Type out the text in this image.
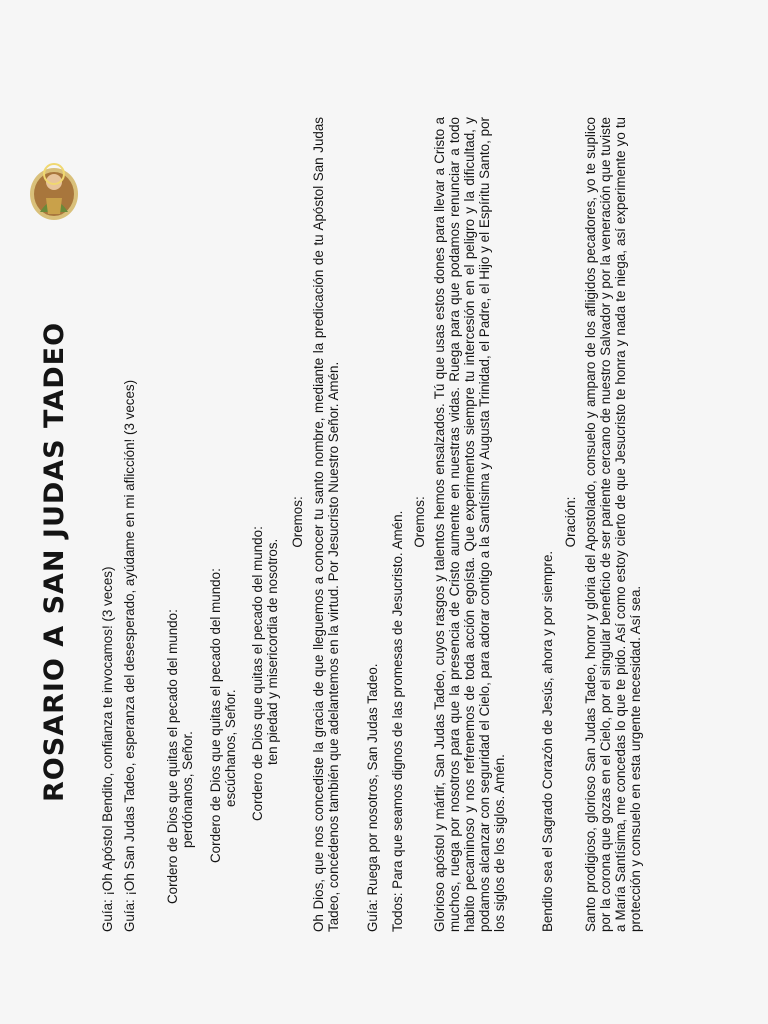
ROSARIO A SAN JUDAS TADEO Guía: ¡Oh Apóstol Bendito, confianza te invocamos! (3 veces) Guía: ¡Oh San Judas Tadeo, esperanza del desesperado, ayúdame en mi aflicción! (3 veces) Cordero de Dios que quitas el pecado del mundo: perdónanos, Señor. Cordero de Dios que quitas el pecado del mundo: escúchanos, Señor. Cordero de Dios que quitas el pecado del mundo: ten piedad y misericordia de nosotros.
Oremos: Oh Dios, que nos concediste la gracia de que lleguemos a conocer tu santo nombre, mediante la predicación de tu Apóstol San Judas Tadeo, concédenos también que adelantemos en la virtud. Por Jesucristo Nuestro Señor. Amén. Guía: Ruega por nosotros, San Judas Tadeo. Todos: Para que seamos dignos de las promesas de Jesucristo. Amén. Oremos: Glorioso apóstol y mártir, San Judas Tadeo, cuyos rasgos y talentos hemos ensalzados. Tú que usas estos dones para llevar a Cristo a muchos, ruega por nosotros para que la presencia de Cristo aumente en nuestras vidas. Ruega para que podamos renunciar a todo habito pecaminoso y nos refrenemos de toda acción egoísta. Que experimentos siempre tu intercesión en el peligro y la dificultad, y podamos alcanzar con seguridad el Cielo, para adorar contigo a la Santísima y Augusta Trinidad, el Padre, el Hijo y el Espíritu Santo, por los siglos de los siglos. Amén. Bendito sea el Sagrado Corazón de Jesús, ahora y por siempre.
Oración: Santo prodigioso, glorioso San Judas Tadeo, honor y gloria del Apostolado, consuelo y amparo de los afligidos pecadores, yo te suplico por la corona que gozas en el Cielo, por el singular beneficio de ser pariente cercano de nuestro Salvador y por la veneración que tuviste a María Santísima, me concedas lo que te pido. Así como estoy cierto de que Jesucristo te honra y nada te niega, así experimente yo tu protección y consuelo en esta urgente necesidad. Así sea.
